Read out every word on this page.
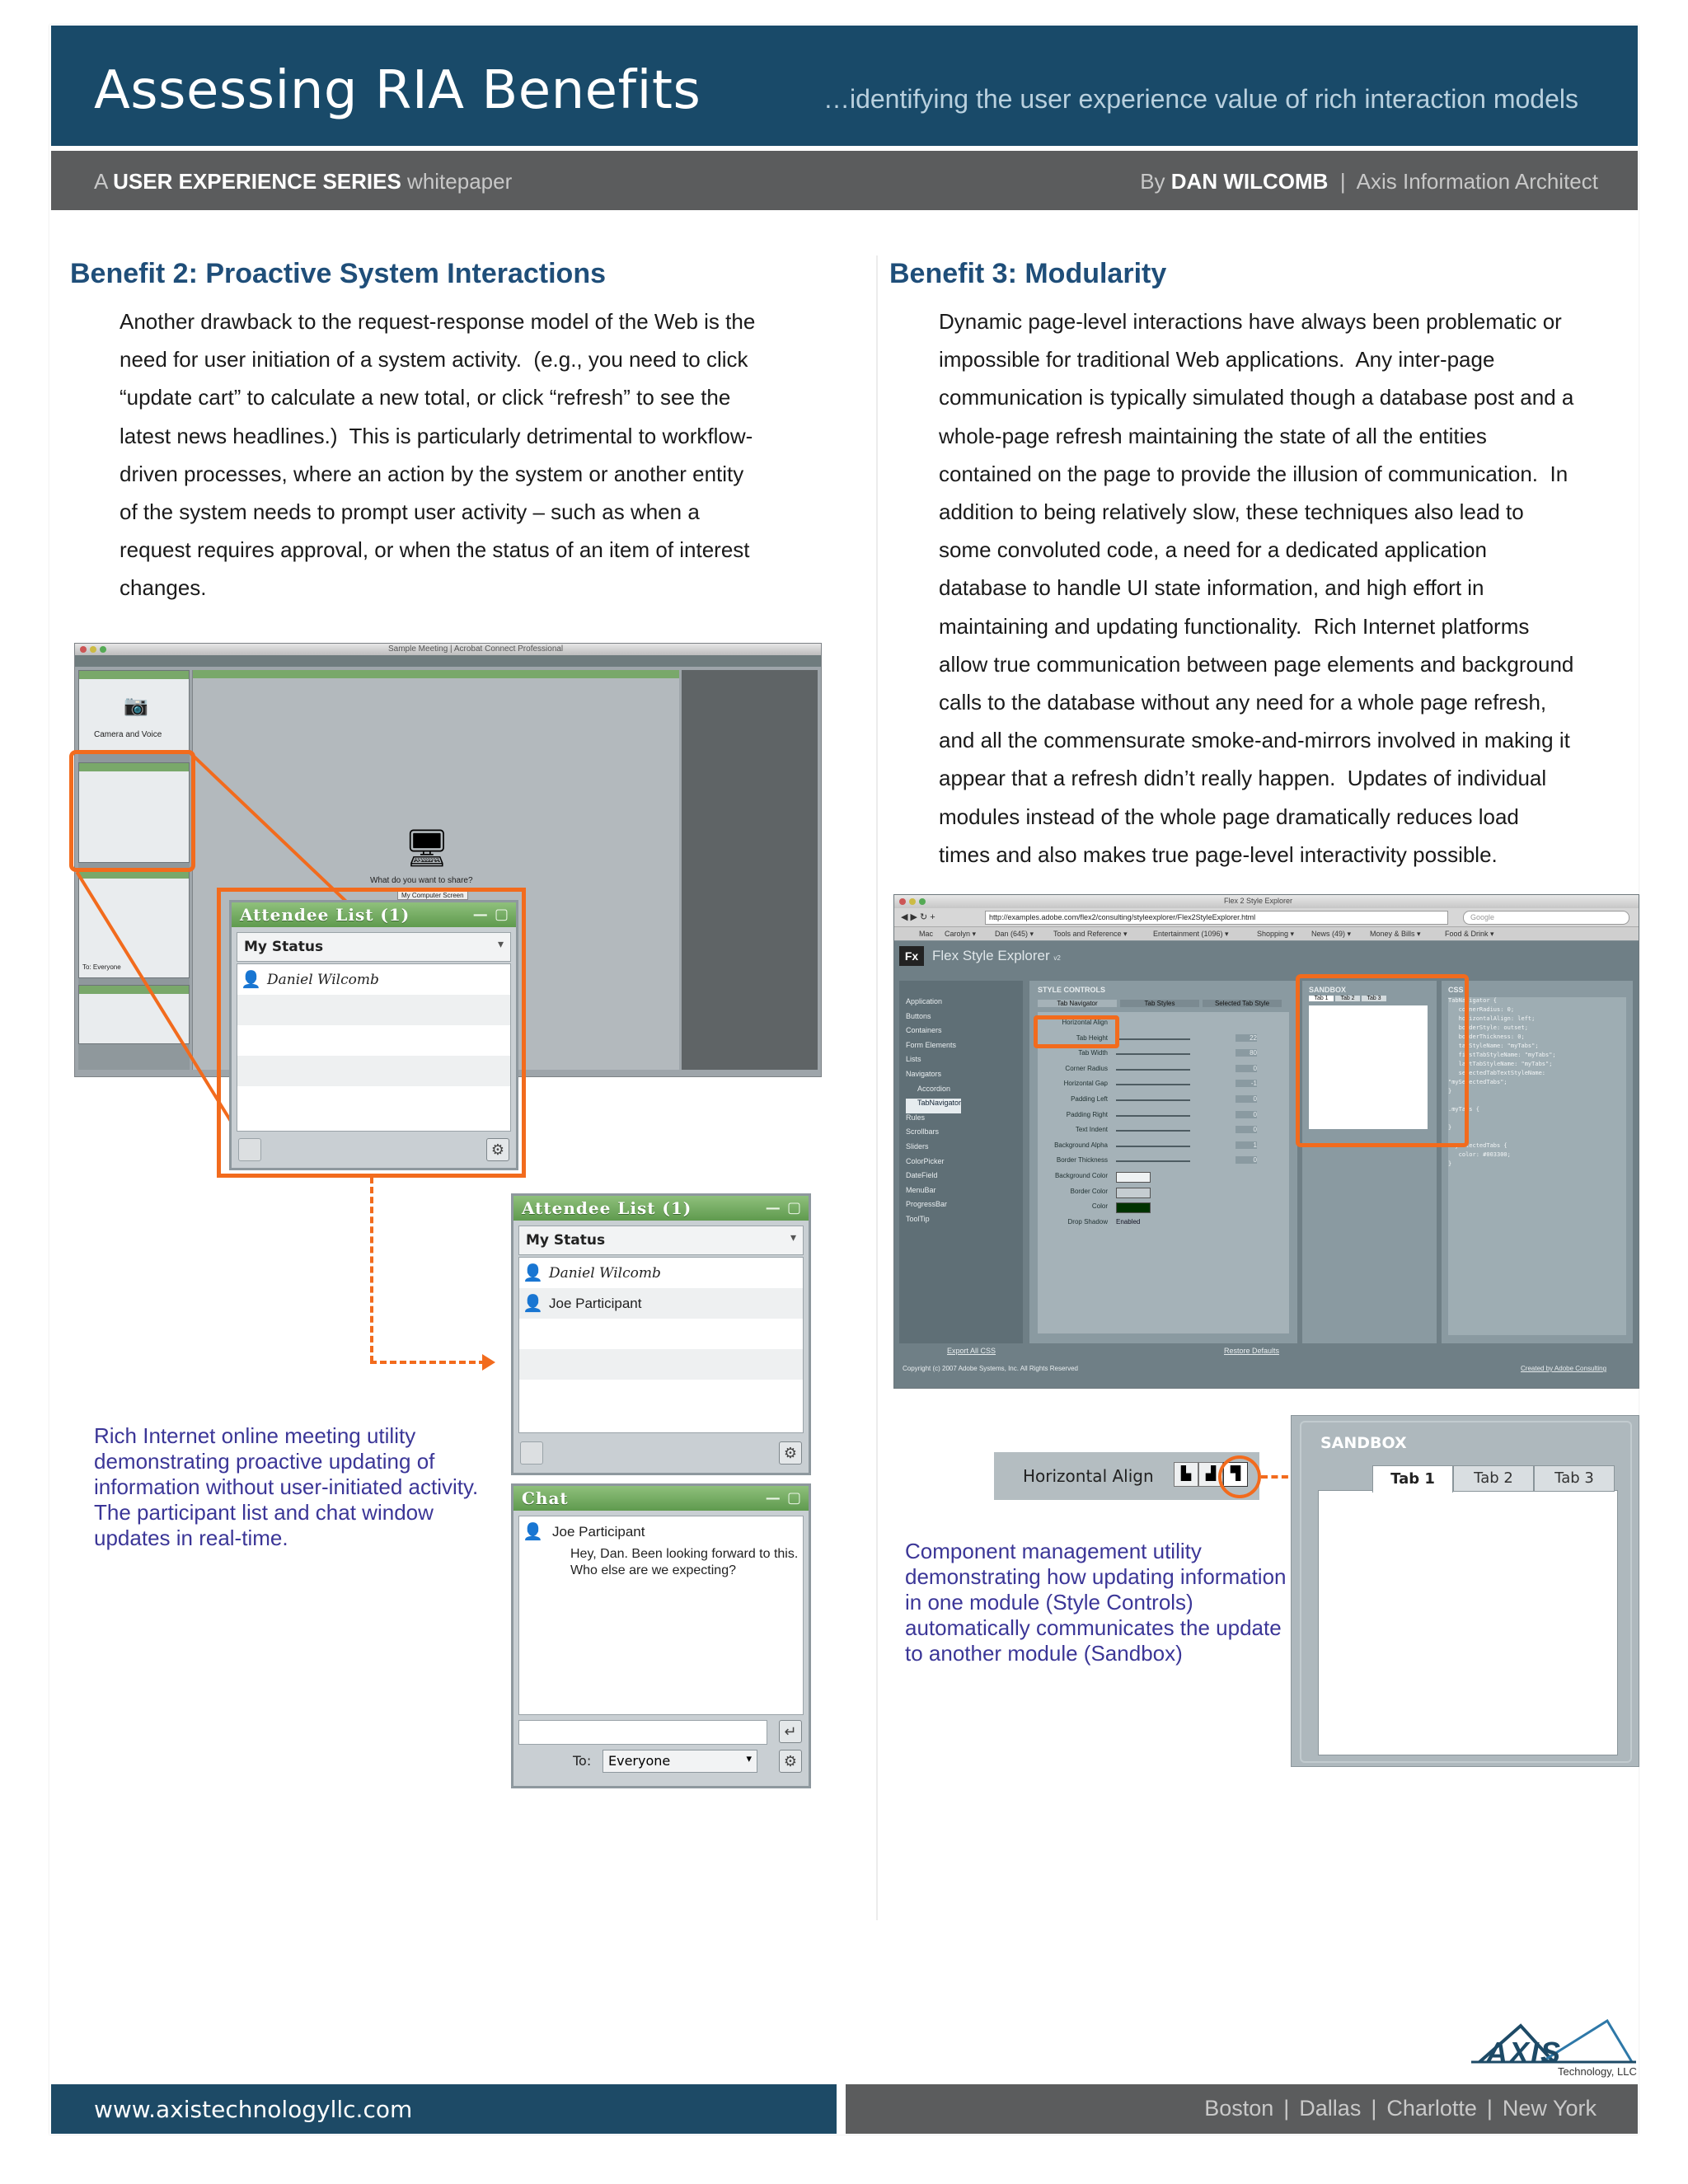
Assessing RIA Benefits	…identifying the user experience value of rich interaction models
A USER EXPERIENCE SERIES whitepaper	By DAN WILCOMB | Axis Information Architect
Benefit 2: Proactive System Interactions
Another drawback to the request-response model of the Web is the
need for user initiation of a system activity.  (e.g., you need to click
“update cart” to calculate a new total, or click “refresh” to see the
latest news headlines.)  This is particularly detrimental to workflow-
driven processes, where an action by the system or another entity
of the system needs to prompt user activity – such as when a
request requires approval, or when the status of an item of interest
changes.
Benefit 3: Modularity
Dynamic page-level interactions have always been problematic or
impossible for traditional Web applications.  Any inter-page
communication is typically simulated though a database post and a
whole-page refresh maintaining the state of all the entities
contained on the page to provide the illusion of communication.  In
addition to being relatively slow, these techniques also lead to
some convoluted code, a need for a dedicated application
database to handle UI state information, and high effort in
maintaining and updating functionality.  Rich Internet platforms
allow true communication between page elements and background
calls to the database without any need for a whole page refresh,
and all the commensurate smoke-and-mirrors involved in making it
appear that a refresh didn’t really happen.  Updates of individual
modules instead of the whole page dramatically reduces load
times and also makes true page-level interactivity possible.
Sample Meeting | Acrobat Connect Professional
📷
Camera and Voice
To: Everyone
🖥
What do you want to share?
My Computer Screen
Attendee List (1)	— ▢
My Status	▾
👤 Daniel Wilcomb
⚙
Attendee List (1)	— ▢
My Status	▾
👤 Daniel Wilcomb
👤 Joe Participant
⚙
Chat	— ▢
👤 Joe Participant
Hey, Dan. Been looking forward to this. Who else are we expecting?
↵
To: Everyone	▾	⚙
Rich Internet online meeting utility demonstrating proactive updating of information without user-initiated activity. The participant list and chat window updates in real-time.
Flex 2 Style Explorer
◀ ▶ ↻ +	http://examples.adobe.com/flex2/consulting/styleexplorer/Flex2StyleExplorer.html	Google
Mac Carolyn ▾	Dan (645) ▾	Tools and Reference ▾	Entertainment (1096) ▾	Shopping ▾ News (49) ▾	Money & Bills ▾	Food & Drink ▾
Fx Flex Style Explorer v2
Application
Buttons
Containers
Form Elements
Lists
Navigators
Accordion
TabNavigator
Rules
Scrollbars
Sliders
ColorPicker
DateField
MenuBar
ProgressBar
ToolTip
STYLE CONTROLS
Tab Navigator	Tab Styles	Selected Tab Style
Horizontal Align
Tab Height	22
Tab Width	80
Corner Radius	0
Horizontal Gap	-1
Padding Left	0
Padding Right	0
Text Indent	0
Background Alpha	1
Border Thickness	0
Background Color
Border Color
Color
Drop Shadow Enabled
SANDBOX
Tab 1	Tab 2	Tab 3
CSS
TabNavigator {
cornerRadius: 0;
horizontalAlign: left;
borderStyle: outset;
borderThickness: 0;
tabStyleName: "myTabs";
firstTabStyleName: "myTabs";
lastTabStyleName: "myTabs";
selectedTabTextStyleName:
"mySelectedTabs";
}
.myTabs {
}
.mySelectedTabs {
color: #003300;
}
Export All CSS	Restore Defaults
Copyright (c) 2007 Adobe Systems, Inc. All Rights Reserved	Created by Adobe Consulting
Horizontal Align	▙	▟	▜
SANDBOX
Tab 1	Tab 2	Tab 3
Component management utility demonstrating how updating information in one module (Style Controls) automatically communicates the update to another module (Sandbox)
AXIS
Technology, LLC
www.axistechnologyllc.com	Boston | Dallas | Charlotte | New York
